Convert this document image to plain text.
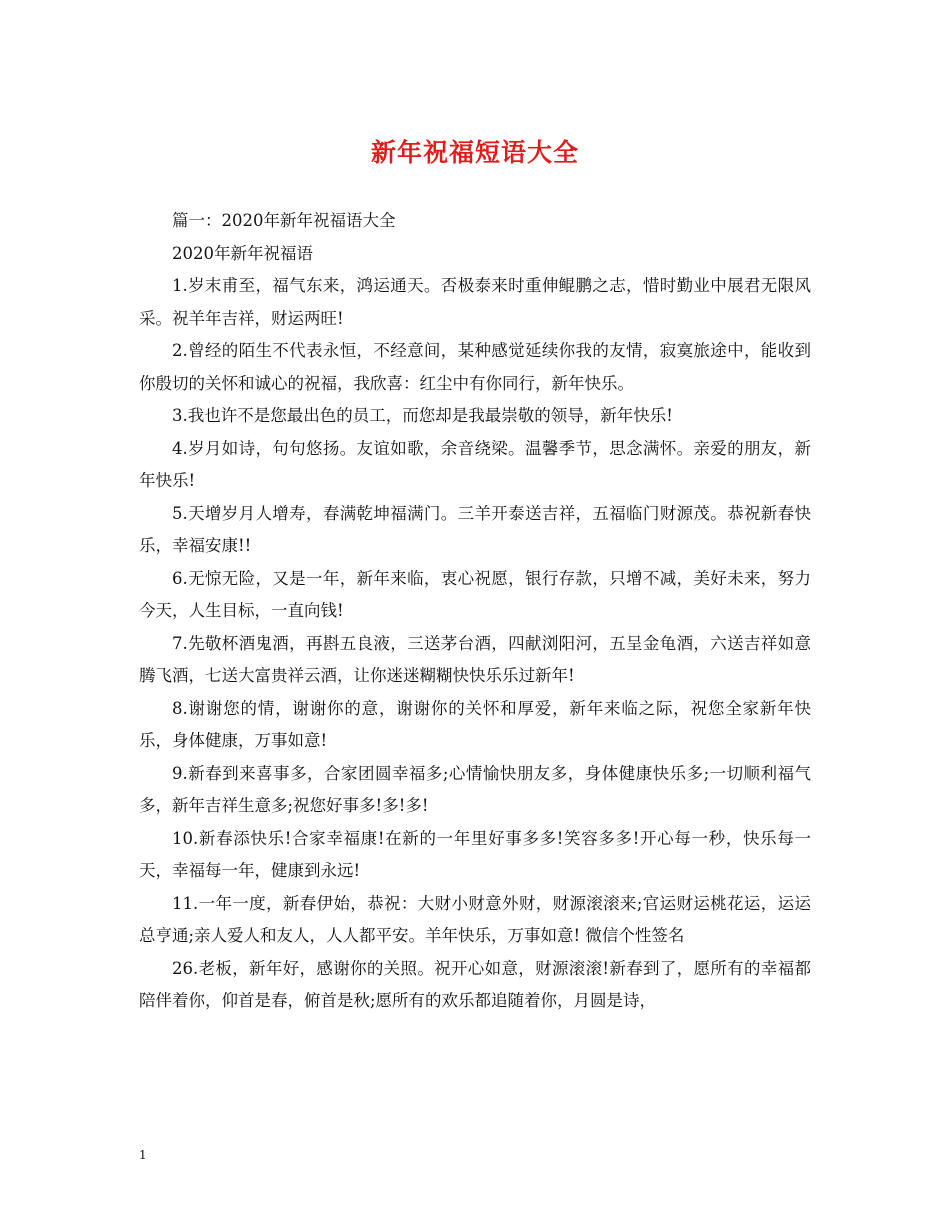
新年祝福短语大全

篇一：2020年新年祝福语大全

2020年新年祝福语

1.岁末甫至，福气东来，鸿运通天。否极泰来时重伸鲲鹏之志，惜时勤业中展君无限风采。祝羊年吉祥，财运两旺!

2.曾经的陌生不代表永恒，不经意间，某种感觉延续你我的友情，寂寞旅途中，能收到你殷切的关怀和诚心的祝福，我欣喜：红尘中有你同行，新年快乐。

3.我也许不是您最出色的员工，而您却是我最崇敬的领导，新年快乐!

4.岁月如诗，句句悠扬。友谊如歌，余音绕梁。温馨季节，思念满怀。亲爱的朋友，新年快乐!

5.天增岁月人增寿，春满乾坤福满门。三羊开泰送吉祥，五福临门财源茂。恭祝新春快乐，幸福安康!!

6.无惊无险，又是一年，新年来临，衷心祝愿，银行存款，只增不减，美好未来，努力今天，人生目标，一直向钱!

7.先敬杯酒鬼酒，再斟五良液，三送茅台酒，四献浏阳河，五呈金龟酒，六送吉祥如意腾飞酒，七送大富贵祥云酒，让你迷迷糊糊快快乐乐过新年!

8.谢谢您的情，谢谢你的意，谢谢你的关怀和厚爱，新年来临之际，祝您全家新年快乐，身体健康，万事如意!

9.新春到来喜事多，合家团圆幸福多;心情愉快朋友多，身体健康快乐多;一切顺利福气多，新年吉祥生意多;祝您好事多!多!多!

10.新春添快乐!合家幸福康!在新的一年里好事多多!笑容多多!开心每一秒，快乐每一天，幸福每一年，健康到永远!

11.一年一度，新春伊始，恭祝：大财小财意外财，财源滚滚来;官运财运桃花运，运运总亨通;亲人爱人和友人，人人都平安。羊年快乐，万事如意! 微信个性签名

26.老板，新年好，感谢你的关照。祝开心如意，财源滚滚!新春到了，愿所有的幸福都陪伴着你，仰首是春，俯首是秋;愿所有的欢乐都追随着你，月圆是诗，

1
